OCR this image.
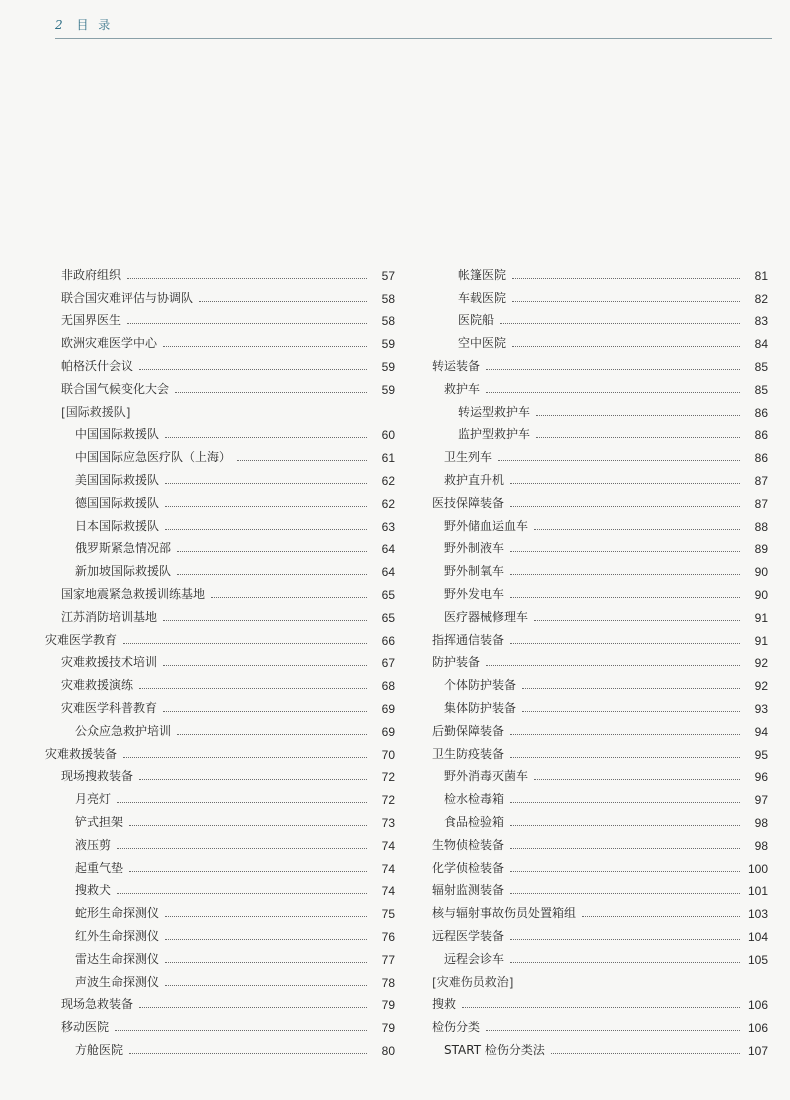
2 目 录
非政府组织	57
联合国灾难评估与协调队	58
无国界医生	58
欧洲灾难医学中心	59
帕格沃什会议	59
联合国气候变化大会	59
[ 国际救援队 ]
中国国际救援队	60
中国国际应急医疗队（上海）	61
美国国际救援队	62
德国国际救援队	62
日本国际救援队	63
俄罗斯紧急情况部	64
新加坡国际救援队	64
国家地震紧急救援训练基地	65
江苏消防培训基地	65
灾难医学教育	66
灾难救援技术培训	67
灾难救援演练	68
灾难医学科普教育	69
公众应急救护培训	69
灾难救援装备	70
现场搜救装备	72
月亮灯	72
铲式担架	73
液压剪	74
起重气垫	74
搜救犬	74
蛇形生命探测仪	75
红外生命探测仪	76
雷达生命探测仪	77
声波生命探测仪	78
现场急救装备	79
移动医院	79
方舱医院	80
帐篷医院	81
车载医院	82
医院船	83
空中医院	84
转运装备	85
救护车	85
转运型救护车	86
监护型救护车	86
卫生列车	86
救护直升机	87
医技保障装备	87
野外储血运血车	88
野外制液车	89
野外制氧车	90
野外发电车	90
医疗器械修理车	91
指挥通信装备	91
防护装备	92
个体防护装备	92
集体防护装备	93
后勤保障装备	94
卫生防疫装备	95
野外消毒灭菌车	96
检水检毒箱	97
食品检验箱	98
生物侦检装备	98
化学侦检装备	100
辐射监测装备	101
核与辐射事故伤员处置箱组	103
远程医学装备	104
远程会诊车	105
[ 灾难伤员救治 ]
搜救	106
检伤分类	106
START 检伤分类法	107
